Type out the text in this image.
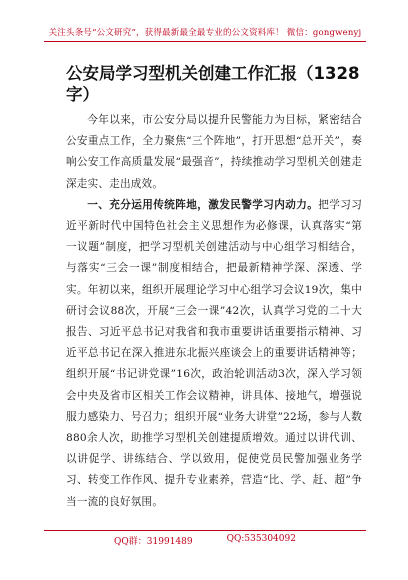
关注头条号“公文研究”，获得最新最全最专业的公文资料库！ 微信：gongwenyj
公安局学习型机关创建工作汇报（1328字）

今年以来，市公安分局以提升民警能力为目标，紧密结合公安重点工作，全力聚焦“三个阵地”，打开思想“总开关”，奏响公安工作高质量发展“最强音”，持续推动学习型机关创建走深走实、走出成效。

一、充分运用传统阵地，激发民警学习内动力。把学习习近平新时代中国特色社会主义思想作为必修课，认真落实“第一议题”制度，把学习型机关创建活动与中心组学习相结合，与落实“三会一课”制度相结合，把最新精神学深、深透、学实。年初以来，组织开展理论学习中心组学习会议19次，集中研讨会议88次，开展“三会一课”42次，认真学习党的二十大报告、习近平总书记对我省和我市重要讲话重要指示精神、习近平总书记在深入推进东北振兴座谈会上的重要讲话精神等；组织开展“书记讲党课”16次，政治轮训活动3次，深入学习领会中央及省市区相关工作会议精神，讲具体、接地气，增强说服力感染力、号召力；组织开展“业务大讲堂”22场，参与人数880余人次，助推学习型机关创建提质增效。通过以讲代训、以讲促学、讲练结合、学以致用，促使党员民警加强业务学习、转变工作作风、提升专业素养，营造“比、学、赶、超”争当一流的良好氛围。

QQ群：31991489	QQ:535304092
